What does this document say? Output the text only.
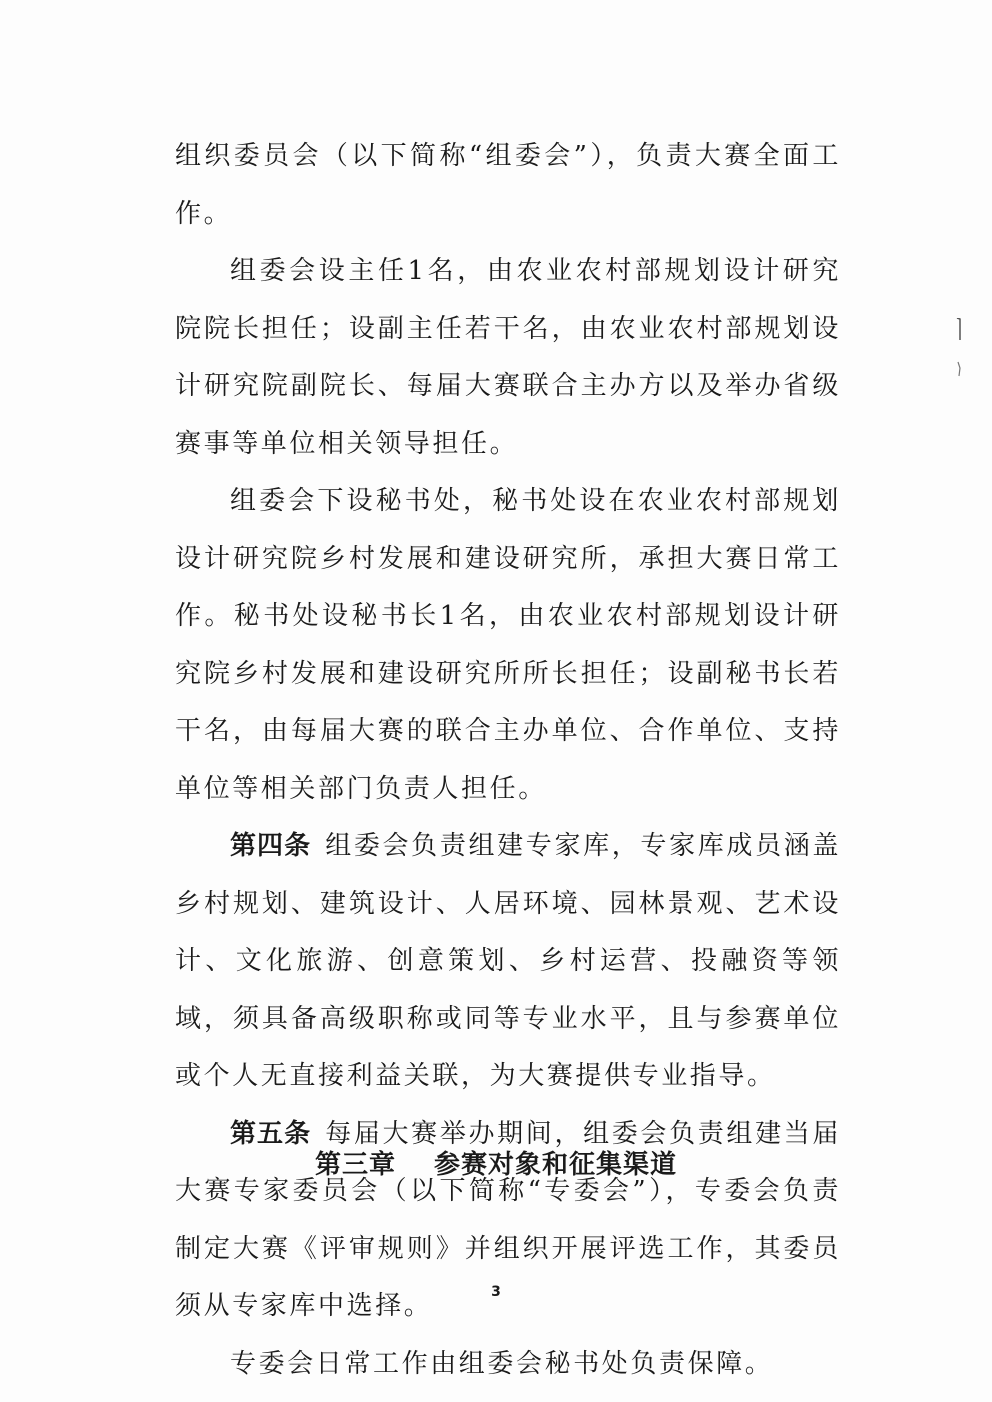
组织委员会（以下简称“组委会”），负责大赛全面工作。

组委会设主任1名，由农业农村部规划设计研究院院长担任；设副主任若干名，由农业农村部规划设计研究院副院长、每届大赛联合主办方以及举办省级赛事等单位相关领导担任。

组委会下设秘书处，秘书处设在农业农村部规划设计研究院乡村发展和建设研究所，承担大赛日常工作。秘书处设秘书长1名，由农业农村部规划设计研究院乡村发展和建设研究所所长担任；设副秘书长若干名，由每届大赛的联合主办单位、合作单位、支持单位等相关部门负责人担任。

第四条 组委会负责组建专家库，专家库成员涵盖乡村规划、建筑设计、人居环境、园林景观、艺术设计、文化旅游、创意策划、乡村运营、投融资等领域，须具备高级职称或同等专业水平，且与参赛单位或个人无直接利益关联，为大赛提供专业指导。

第五条 每届大赛举办期间，组委会负责组建当届大赛专家委员会（以下简称“专委会”），专委会负责制定大赛《评审规则》并组织开展评选工作，其委员须从专家库中选择。

专委会日常工作由组委会秘书处负责保障。

第三章 参赛对象和征集渠道
3
